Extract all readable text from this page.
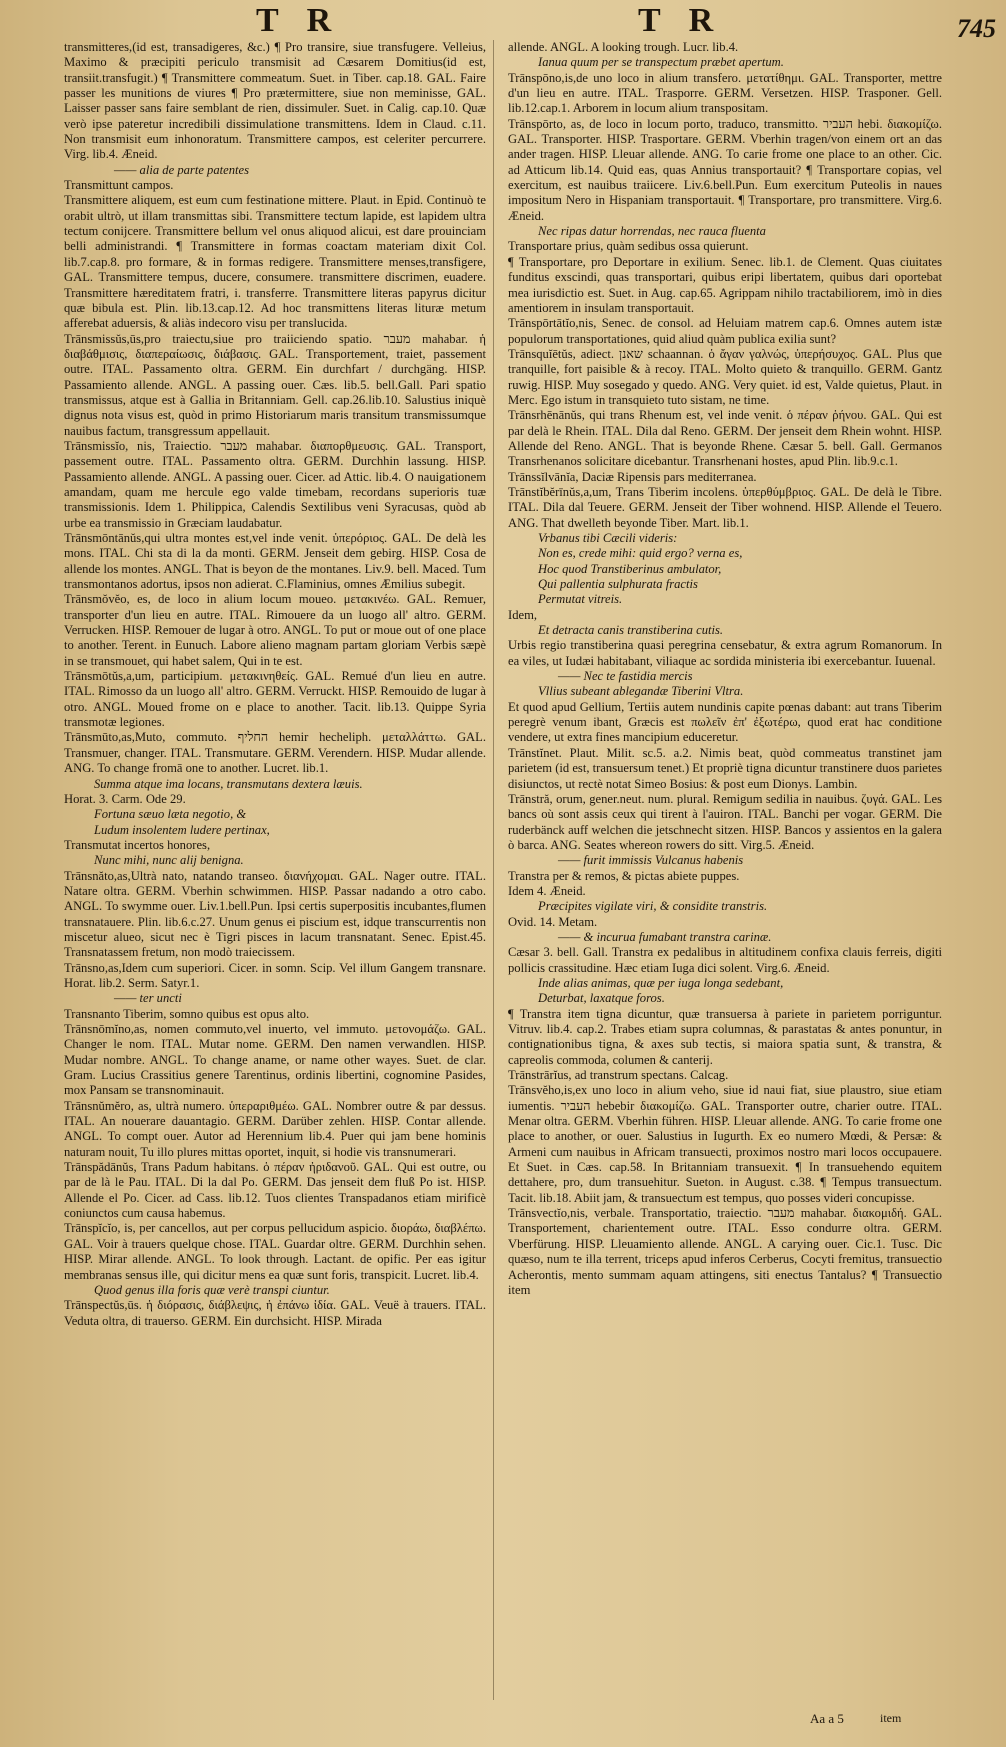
T R	T R	745

transmitteres,(id est, transadigeres, &c.) ¶ Pro transire, siue transfugere. Velleius, Maximo & præcipiti periculo transmisit ad Cæsarem Domitius(id est, transiit.transfugit.) ¶ Transmittere commeatum. Suet. in Tiber. cap.18. GAL. Faire passer les munitions de viures ¶ Pro prætermittere, siue non meminisse, GAL. Laisser passer sans faire semblant de rien, dissimuler. Suet. in Calig. cap.10. Quæ verò ipse pateretur incredibili dissimulatione transmittens. Idem in Claud. c.11. Non transmisit eum inhonoratum. Transmittere campos, est celeriter percurrere. Virg. lib.4. Æneid.

—— alia de parte patentes

Transmittunt campos.

Transmittere aliquem, est eum cum festinatione mittere. Plaut. in Epid. Continuò te orabit ultrò, ut illam transmittas sibi. Transmittere tectum lapide, est lapidem ultra tectum conijcere. Transmittere bellum vel onus aliquod alicui, est dare prouinciam belli administrandi. ¶ Transmittere in formas coactam materiam dixit Col. lib.7.cap.8. pro formare, & in formas redigere. Transmittere menses,transfigere, GAL. Transmittere tempus, ducere, consumere. transmittere discrimen, euadere. Transmittere hæreditatem fratri, i. transferre. Transmittere literas papyrus dicitur quæ bibula est. Plin. lib.13.cap.12. Ad hoc transmittens literas lituræ metum afferebat aduersis, & aliàs indecoro visu per translucida.

Trānsmissŭs,ūs,pro traiectu,siue pro traiiciendo spatio. ‎מעבר‏ mahabar. ἡ διαβάθμισις, διαπεραίωσις, διάβασις. GAL. Transportement, traiet, passement outre. ITAL. Passamento oltra. GERM. Ein durchfart / durchgäng. HISP. Passamiento allende. ANGL. A passing ouer. Cæs. lib.5. bell.Gall. Pari spatio transmissus, atque est à Gallia in Britanniam. Gell. cap.26.lib.10. Salustius iniquè dignus nota visus est, quòd in primo Historiarum maris transitum transmissumque nauibus factum, transgressum appellauit.

Trānsmissĭo, nis, Traiectio. ‎מעבר‏ mahabar. διαπορθμευσις. GAL. Transport, passement outre. ITAL. Passamento oltra. GERM. Durchhin lassung. HISP. Passamiento allende. ANGL. A passing ouer. Cicer. ad Attic. lib.4. O nauigationem amandam, quam me hercule ego valde timebam, recordans superioris tuæ transmissionis. Idem 1. Philippica, Calendis Sextilibus veni Syracusas, quòd ab urbe ea transmissio in Græciam laudabatur.

Trānsmōntānŭs,qui ultra montes est,vel inde venit. ὑπερόριος. GAL. De delà les mons. ITAL. Chi sta di la da monti. GERM. Jenseit dem gebirg. HISP. Cosa de allende los montes. ANGL. That is beyon de the montanes. Liv.9. bell. Maced. Tum transmontanos adortus, ipsos non adierat. C.Flaminius, omnes Æmilius subegit.

Trānsmŏvĕo, es, de loco in alium locum moueo. μετακινέω. GAL. Remuer, transporter d'un lieu en autre. ITAL. Rimouere da un luogo all' altro. GERM. Verrucken. HISP. Remouer de lugar à otro. ANGL. To put or moue out of one place to another. Terent. in Eunuch. Labore alieno magnam partam gloriam Verbis sæpè in se transmouet, qui habet salem, Qui in te est.

Trānsmōtŭs,a,um, participium. μετακινηθείς. GAL. Remué d'un lieu en autre. ITAL. Rimosso da un luogo all' altro. GERM. Verruckt. HISP. Remouido de lugar à otro. ANGL. Moued frome on e place to another. Tacit. lib.13. Quippe Syria transmotæ legiones.

Trānsmūto,as,Muto, commuto. ‎החליף‏ hemir hecheliph. μεταλλάττω. GAL. Transmuer, changer. ITAL. Transmutare. GERM. Verendern. HISP. Mudar allende. ANG. To change fromā one to another. Lucret. lib.1.

Summa atque ima locans, transmutans dextera læuis.

Horat. 3. Carm. Ode 29.

Fortuna sæuo læta negotio, &

Ludum insolentem ludere pertinax,

Transmutat incertos honores,

Nunc mihi, nunc alij benigna.

Trānsnăto,as,Ultrà nato, natando transeo. διανήχομαι. GAL. Nager outre. ITAL. Natare oltra. GERM. Vberhin schwimmen. HISP. Passar nadando a otro cabo. ANGL. To swymme ouer. Liv.1.bell.Pun. Ipsi certis superpositis incubantes,flumen transnatauere. Plin. lib.6.c.27. Unum genus ei piscium est, idque transcurrentis non miscetur alueo, sicut nec è Tigri pisces in lacum transnatant. Senec. Epist.45. Transnatassem fretum, non modò traiecissem.

Trānsno,as,Idem cum superiori. Cicer. in somn. Scip. Vel illum Gangem transnare. Horat. lib.2. Serm. Satyr.1.

—— ter uncti

Transnanto Tiberim, somno quibus est opus alto.

Trānsnōmĭno,as, nomen commuto,vel inuerto, vel immuto. μετονομάζω. GAL. Changer le nom. ITAL. Mutar nome. GERM. Den namen verwandlen. HISP. Mudar nombre. ANGL. To change aname, or name other wayes. Suet. de clar. Gram. Lucius Crassitius genere Tarentinus, ordinis libertini, cognomine Pasides, mox Pansam se transnominauit.

Trānsnŭmĕro, as, ultrà numero. ὑπεραριθμέω. GAL. Nombrer outre & par dessus. ITAL. An nouerare dauantagio. GERM. Darüber zehlen. HISP. Contar allende. ANGL. To compt ouer. Autor ad Herennium lib.4. Puer qui jam bene hominis naturam nouit, Tu illo plures mittas oportet, inquit, si hodie vis transnumerari.

Trānspădānŭs, Trans Padum habitans. ὁ πέραν ἠριδανοῦ. GAL. Qui est outre, ou par de là le Pau. ITAL. Di la dal Po. GERM. Das jenseit dem fluß Po ist. HISP. Allende el Po. Cicer. ad Cass. lib.12. Tuos clientes Transpadanos etiam mirificè coniunctos cum causa habemus.

Trānspĭcĭo, is, per cancellos, aut per corpus pellucidum aspicio. διοράω, διαβλέπω. GAL. Voir à trauers quelque chose. ITAL. Guardar oltre. GERM. Durchhin sehen. HISP. Mirar allende. ANGL. To look through. Lactant. de opific. Per eas igitur membranas sensus ille, qui dicitur mens ea quæ sunt foris, transpicit. Lucret. lib.4.

Quod genus illa foris quæ verè transpi ciuntur.

Trānspectŭs,ūs. ἡ διόρασις, διάβλεψις, ἡ ἐπάνω ἰδία. GAL. Veuë à trauers. ITAL. Veduta oltra, di trauerso. GERM. Ein durchsicht. HISP. Mirada

allende. ANGL. A looking trough. Lucr. lib.4.

Ianua quum per se transpectum præbet apertum.

Trānspōno,is,de uno loco in alium transfero. μετατίθημι. GAL. Transporter, mettre d'un lieu en autre. ITAL. Trasporre. GERM. Versetzen. HISP. Trasponer. Gell. lib.12.cap.1. Arborem in locum alium transpositam.

Trānspōrto, as, de loco in locum porto, traduco, transmitto. ‎העביר‏ hebi. διακομίζω. GAL. Transporter. HISP. Trasportare. GERM. Vberhin tragen/von einem ort an das ander tragen. HISP. Lleuar allende. ANG. To carie frome one place to an other. Cic. ad Atticum lib.14. Quid eas, quas Annius transportauit? ¶ Transportare copias, vel exercitum, est nauibus traiicere. Liv.6.bell.Pun. Eum exercitum Puteolis in naues impositum Nero in Hispaniam transportauit. ¶ Transportare, pro transmittere. Virg.6. Æneid.

Nec ripas datur horrendas, nec rauca fluenta

Transportare prius, quàm sedibus ossa quierunt.

¶ Transportare, pro Deportare in exilium. Senec. lib.1. de Clement. Quas ciuitates funditus exscindi, quas transportari, quibus eripi libertatem, quibus dari oportebat mea iurisdictio est. Suet. in Aug. cap.65. Agrippam nihilo tractabiliorem, imò in dies amentiorem in insulam transportauit.

Trānspōrtātĭo,nis, Senec. de consol. ad Heluiam matrem cap.6. Omnes autem istæ populorum transportationes, quid aliud quàm publica exilia sunt?

Trānsquĭētŭs, adiect. ‎שאנן‏ schaannan. ὁ ἄγαν γαλνώς, ὑπερήσυχος. GAL. Plus que tranquille, fort paisible & à recoy. ITAL. Molto quieto & tranquillo. GERM. Gantz ruwig. HISP. Muy sosegado y quedo. ANG. Very quiet. id est, Valde quietus, Plaut. in Merc. Ego istum in transquieto tuto sistam, ne time.

Trānsrhēnānŭs, qui trans Rhenum est, vel inde venit. ὁ πέραν ῥήνου. GAL. Qui est par delà le Rhein. ITAL. Dila dal Reno. GERM. Der jenseit dem Rhein wohnt. HISP. Allende del Reno. ANGL. That is beyonde Rhene. Cæsar 5. bell. Gall. Germanos Transrhenanos solicitare dicebantur. Transrhenani hostes, apud Plin. lib.9.c.1.

Trānssĭlvānĭa, Daciæ Ripensis pars mediterranea.

Trānstĭbĕrīnŭs,a,um, Trans Tiberim incolens. ὑπερθύμβριος. GAL. De delà le Tibre. ITAL. Dila dal Teuere. GERM. Jenseit der Tiber wohnend. HISP. Allende el Teuero. ANG. That dwelleth beyonde Tiber. Mart. lib.1.

Vrbanus tibi Cæcili videris:

Non es, crede mihi: quid ergo? verna es,

Hoc quod Transtiberinus ambulator,

Qui pallentia sulphurata fractis

Permutat vitreis.

Idem,

Et detracta canis transtiberina cutis.

Urbis regio transtiberina quasi peregrina censebatur, & extra agrum Romanorum. In ea viles, ut Iudæi habitabant, viliaque ac sordida ministeria ibi exercebantur. Iuuenal.

—— Nec te fastidia mercis

Vllius subeant ablegandæ Tiberini Vltra.

Et quod apud Gellium, Tertiis autem nundinis capite pœnas dabant: aut trans Tiberim peregrè venum ibant, Græcis est πωλεῖν ἐπ' ἐξωτέρω, quod erat hac conditione vendere, ut extra fines mancipium educeretur.

Trānstĭnet. Plaut. Milit. sc.5. a.2. Nimis beat, quòd commeatus transtinet jam parietem (id est, transuersum tenet.) Et propriè tigna dicuntur transtinere duos parietes disiunctos, ut rectè notat Simeo Bosius: & post eum Dionys. Lambin.

Trānstră, orum, gener.neut. num. plural. Remigum sedilia in nauibus. ζυγά. GAL. Les bancs où sont assis ceux qui tirent à l'auiron. ITAL. Banchi per vogar. GERM. Die ruderbänck auff welchen die jetschnecht sitzen. HISP. Bancos y assientos en la galera ò barca. ANG. Seates whereon rowers do sitt. Virg.5. Æneid.

—— furit immissis Vulcanus habenis

Transtra per & remos, & pictas abiete puppes.

Idem 4. Æneid.

Præcipites vigilate viri, & considite transtris.

Ovid. 14. Metam.

—— & incurua fumabant transtra carinæ.

Cæsar 3. bell. Gall. Transtra ex pedalibus in altitudinem confixa clauis ferreis, digiti pollicis crassitudine. Hæc etiam Iuga dici solent. Virg.6. Æneid.

Inde alias animas, quæ per iuga longa sedebant,

Deturbat, laxatque foros.

¶ Transtra item tigna dicuntur, quæ transuersa à pariete in parietem porriguntur. Vitruv. lib.4. cap.2. Trabes etiam supra columnas, & parastatas & antes ponuntur, in contignationibus tigna, & axes sub tectis, si maiora spatia sunt, & transtra, & capreolis commoda, columen & canterij.

Trānstrārĭus, ad transtrum spectans. Calcag.

Trānsvĕho,is,ex uno loco in alium veho, siue id naui fiat, siue plaustro, siue etiam iumentis. ‎העביר‏ hebebir διακομίζω. GAL. Transporter outre, charier outre. ITAL. Menar oltra. GERM. Vberhin führen. HISP. Lleuar allende. ANG. To carie frome one place to another, or ouer. Salustius in Iugurth. Ex eo numero Mœdi, & Persæ: & Armeni cum nauibus in Africam transuecti, proximos nostro mari locos occupauere. Et Suet. in Cæs. cap.58. In Britanniam transuexit. ¶ In transuehendo equitem dettahere, pro, dum transuehitur. Sueton. in August. c.38. ¶ Tempus transuectum. Tacit. lib.18. Abiit jam, & transuectum est tempus, quo posses videri concupisse.

Trānsvectĭo,nis, verbale. Transportatio, traiectio. ‎מעבר‏ mahabar. διακομιδή. GAL. Transportement, charientement outre. ITAL. Esso condurre oltra. GERM. Vberfürung. HISP. Lleuamiento allende. ANGL. A carying ouer. Cic.1. Tusc. Dic quæso, num te illa terrent, triceps apud inferos Cerberus, Cocyti fremitus, transuectio Acherontis, mento summam aquam attingens, siti enectus Tantalus? ¶ Transuectio item

Aa a 5	item
